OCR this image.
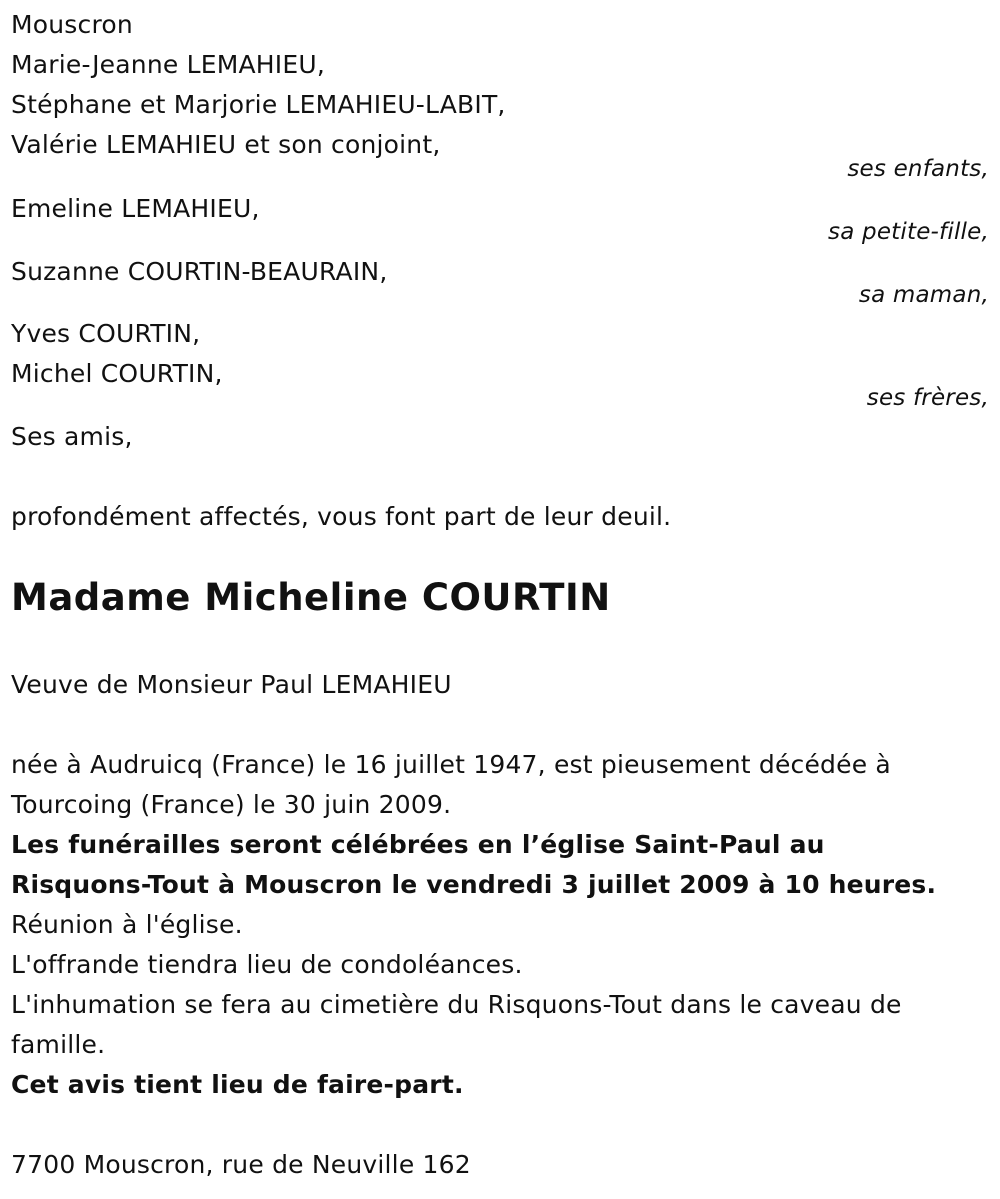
Mouscron
Marie-Jeanne LEMAHIEU,
Stéphane et Marjorie LEMAHIEU-LABIT,
Valérie LEMAHIEU et son conjoint,
ses enfants,
Emeline LEMAHIEU,
sa petite-fille,
Suzanne COURTIN-BEAURAIN,
sa maman,
Yves COURTIN,
Michel COURTIN,
ses frères,
Ses amis,
profondément affectés, vous font part de leur deuil.
Madame Micheline COURTIN
Veuve de Monsieur Paul LEMAHIEU
née à Audruicq (France) le 16 juillet 1947, est pieusement décédée à
Tourcoing (France) le 30 juin 2009.
Les funérailles seront célébrées en l’église Saint-Paul au
Risquons-Tout à Mouscron le vendredi 3 juillet 2009 à 10 heures.
Réunion à l'église.
L'offrande tiendra lieu de condoléances.
L'inhumation se fera au cimetière du Risquons-Tout dans le caveau de
famille.
Cet avis tient lieu de faire-part.
7700 Mouscron, rue de Neuville 162
